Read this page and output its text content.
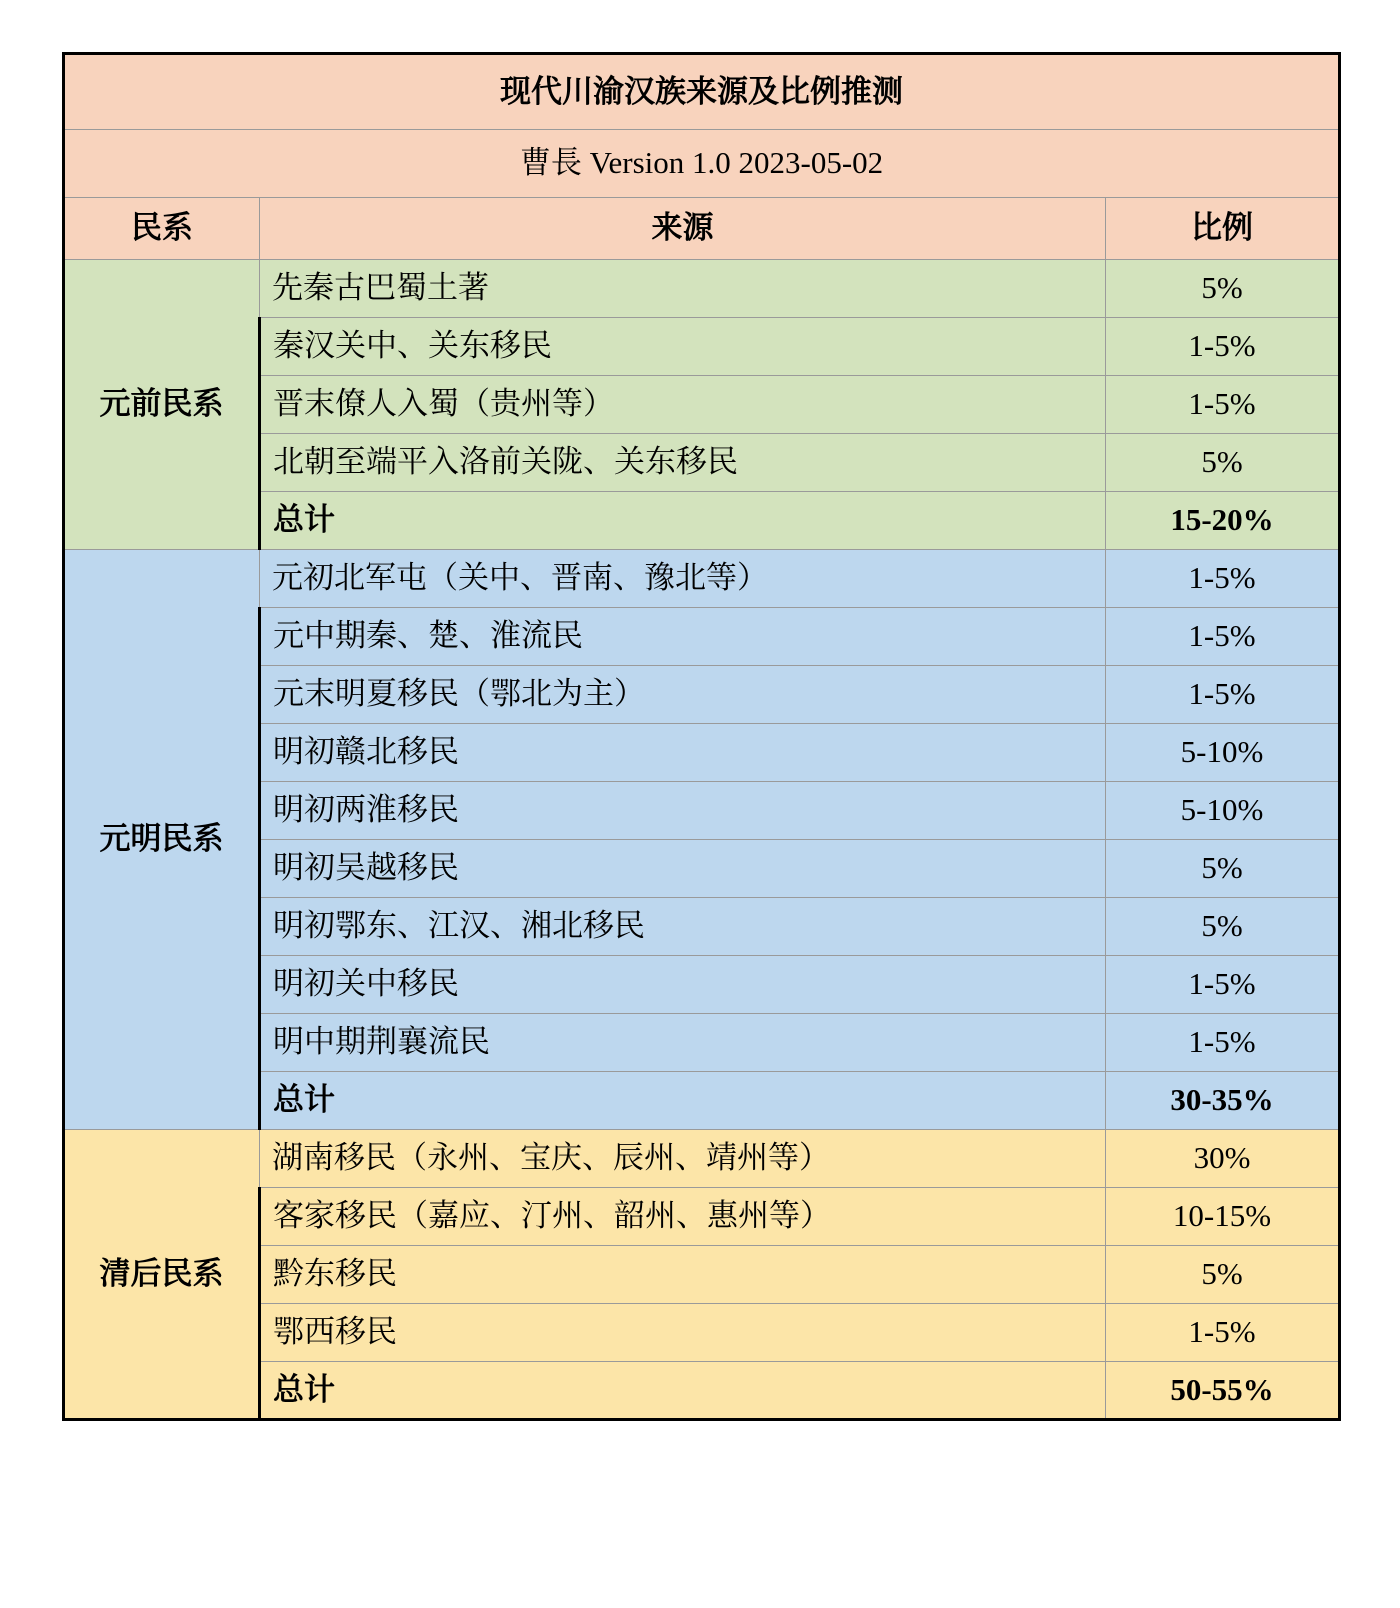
现代川渝汉族来源及比例推测		
曹長 Version 1.0 2023-05-02		
民系	来源	比例
元前民系	先秦古巴蜀土著	5%
	秦汉关中、关东移民	1-5%
	晋末僚人入蜀（贵州等）	1-5%
	北朝至端平入洛前关陇、关东移民	5%
	总计	15-20%
元明民系	元初北军屯（关中、晋南、豫北等）	1-5%
	元中期秦、楚、淮流民	1-5%
	元末明夏移民（鄂北为主）	1-5%
	明初赣北移民	5-10%
	明初两淮移民	5-10%
	明初吴越移民	5%
	明初鄂东、江汉、湘北移民	5%
	明初关中移民	1-5%
	明中期荆襄流民	1-5%
	总计	30-35%
清后民系	湖南移民（永州、宝庆、辰州、靖州等）	30%
	客家移民（嘉应、汀州、韶州、惠州等）	10-15%
	黔东移民	5%
	鄂西移民	1-5%
	总计	50-55%
